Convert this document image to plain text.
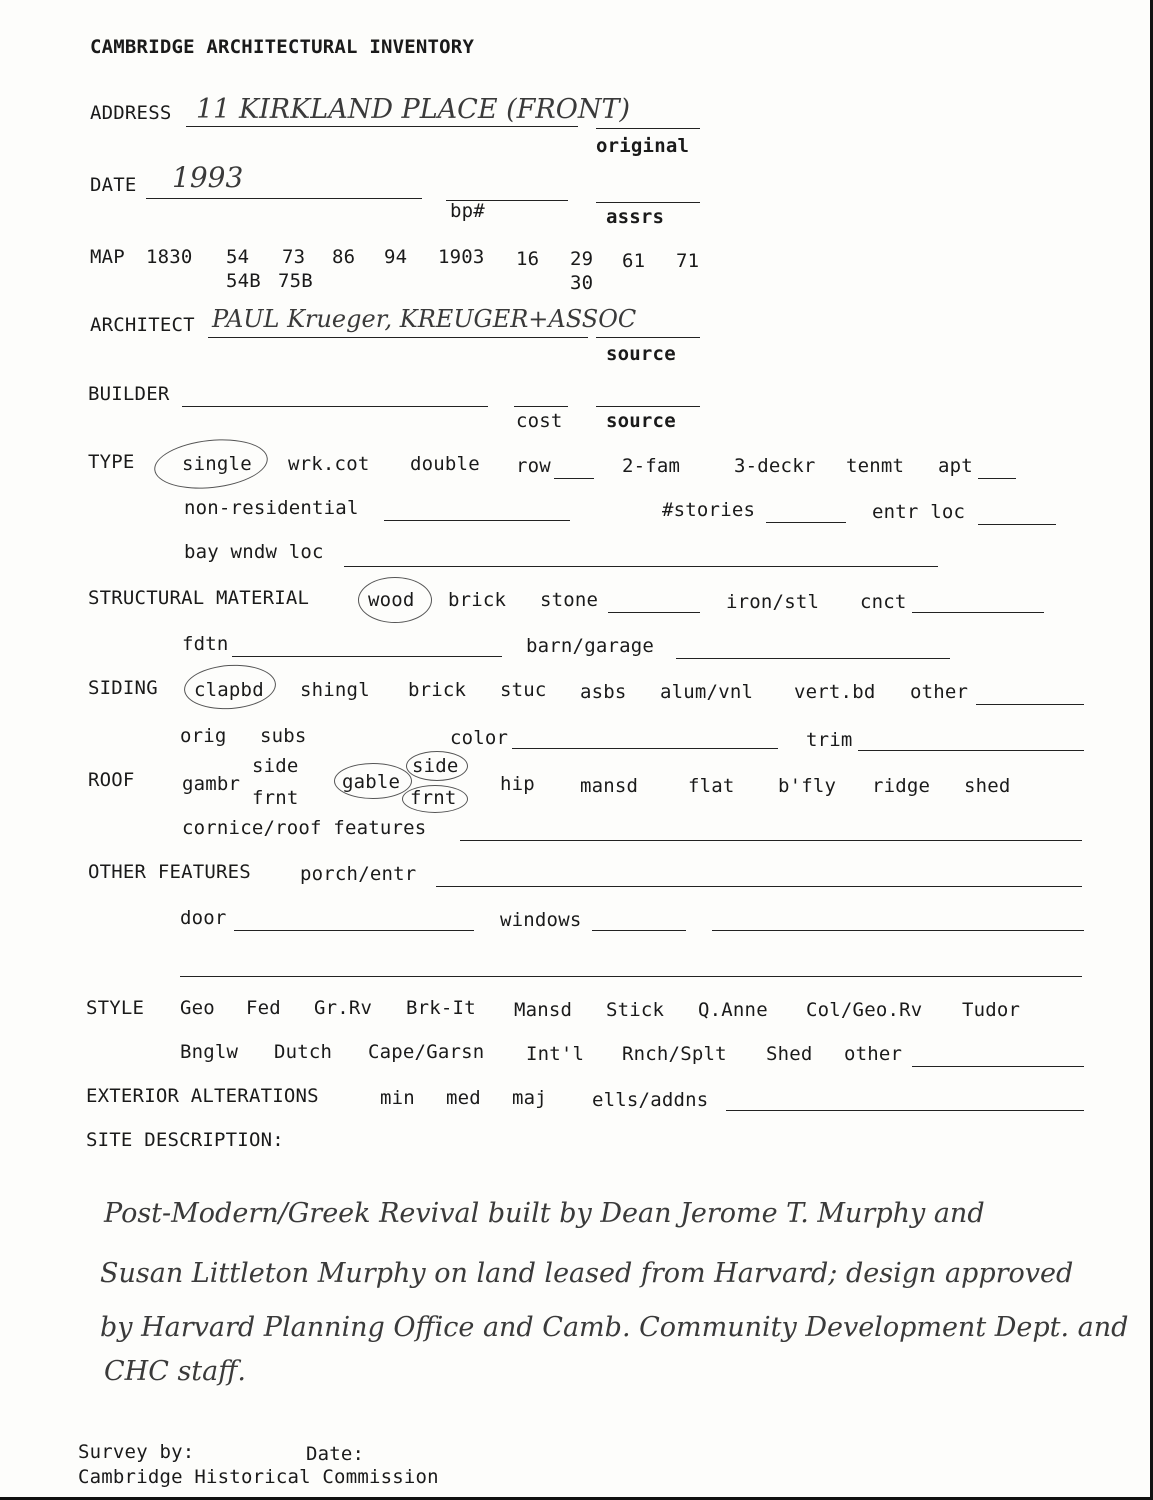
CAMBRIDGE ARCHITECTURAL INVENTORY
ADDRESS 11 KIRKLAND PLACE (FRONT)
original
DATE 1993
bp#	assrs
MAP 1830 54 73 86 94 1903 16 29 61 71
54B 75B	30
ARCHITECT PAUL Krueger, KREUGER+ASSOC
source
BUILDER
cost source
TYPE single wrk.cot double row	2-fam	3-deckr tenmt apt
non-residential	#stories	entr loc
bay wndw loc
STRUCTURAL MATERIAL	wood brick stone	iron/stl cnct
fdtn	barn/garage
SIDING clapbd shingl brick stuc asbs alum/vnl vert.bd other
orig subs	color	trim
ROOF gambr
side
frnt
gable
side
frnt
hip mansd	flat b'fly ridge shed
cornice/roof features
OTHER FEATURES	porch/entr
door	windows
STYLE Geo Fed Gr.Rv Brk-It Mansd Stick Q.Anne Col/Geo.Rv Tudor
Bnglw Dutch Cape/Garsn Int'l Rnch/Splt Shed other
EXTERIOR ALTERATIONS	min med maj ells/addns
SITE DESCRIPTION:
Post-Modern/Greek Revival built by Dean Jerome T. Murphy and
Susan Littleton Murphy on land leased from Harvard; design approved
by Harvard Planning Office and Camb. Community Development Dept. and
CHC staff.
Survey by:	Date:
Cambridge Historical Commission
